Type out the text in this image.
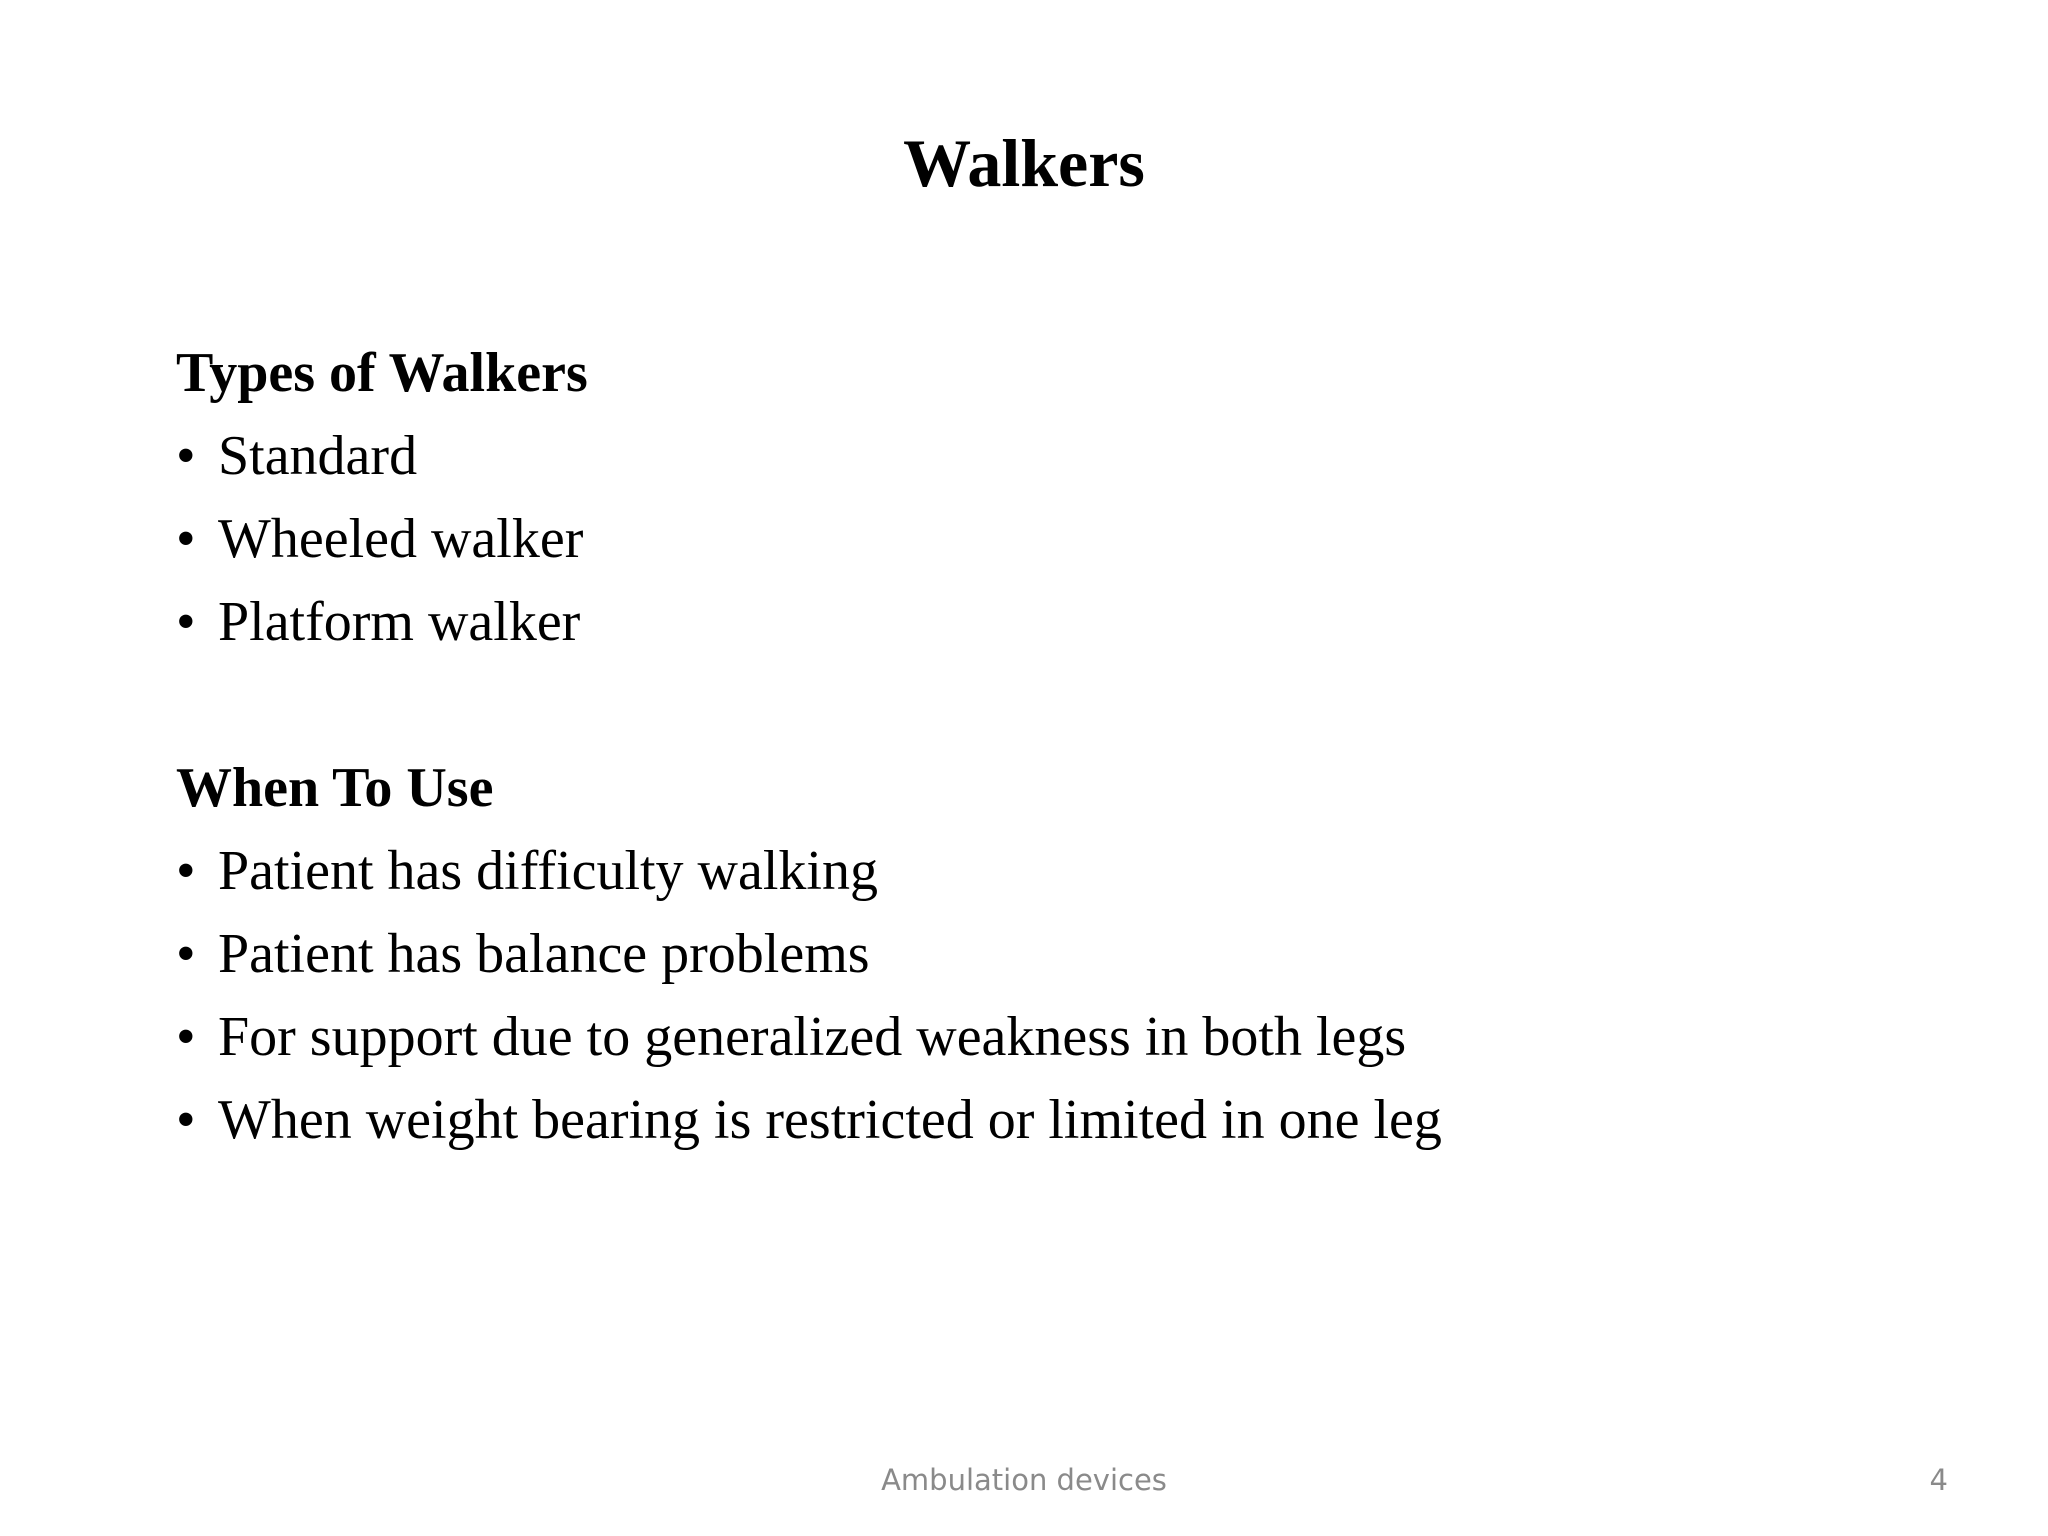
Walkers

Types of Walkers

• Standard
• Wheeled walker
• Platform walker

When To Use

• Patient has difficulty walking
• Patient has balance problems
• For support due to generalized weakness in both legs
• When weight bearing is restricted or limited in one leg
Ambulation devices	4
